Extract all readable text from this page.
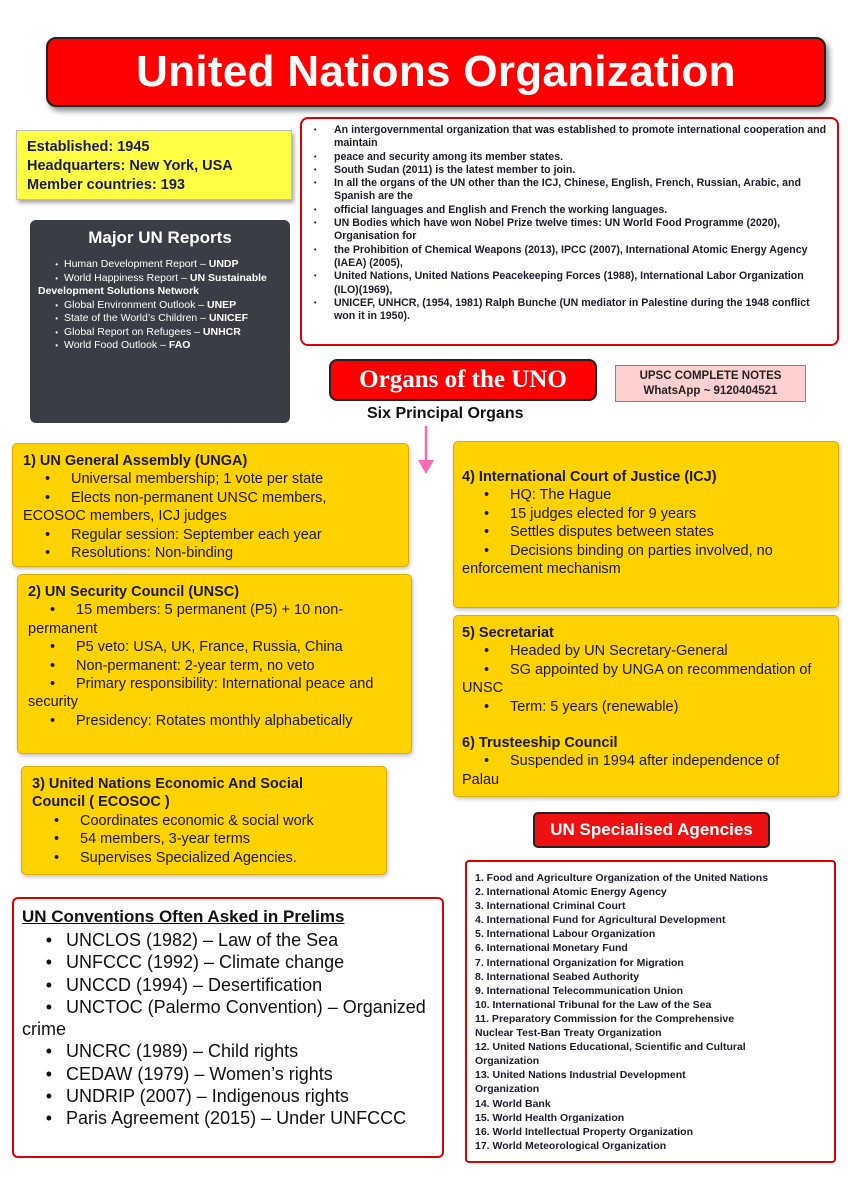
United Nations Organization
Established: 1945
Headquarters: New York, USA
Member countries: 193
Major UN Reports
• Human Development Report – UNDP
• World Happiness Report – UN Sustainable Development Solutions Network
• Global Environment Outlook – UNEP
• State of the World’s Children – UNICEF
• Global Report on Refugees – UNHCR
• World Food Outlook – FAO
•	An intergovernmental organization that was established to promote international cooperation and maintain
•	peace and security among its member states.
•	South Sudan (2011) is the latest member to join.
•	In all the organs of the UN other than the ICJ, Chinese, English, French, Russian, Arabic, and Spanish are the
•	official languages and English and French the working languages.
•	UN Bodies which have won Nobel Prize twelve times: UN World Food Programme (2020), Organisation for
•	the Prohibition of Chemical Weapons (2013), IPCC (2007), International Atomic Energy Agency (IAEA) (2005),
•	United Nations, United Nations Peacekeeping Forces (1988), International Labor Organization (ILO)(1969),
•	UNICEF, UNHCR, (1954, 1981) Ralph Bunche (UN mediator in Palestine during the 1948 conflict won it in 1950).
Organs of the UNO
Six Principal Organs
UPSC COMPLETE NOTES
WhatsApp ~ 9120404521
1) UN General Assembly (UNGA)
• Universal membership; 1 vote per state
• Elects non-permanent UNSC members,
ECOSOC members, ICJ judges
• Regular session: September each year
• Resolutions: Non-binding
2) UN Security Council (UNSC)
• 15 members: 5 permanent (P5) + 10 non-
permanent
• P5 veto: USA, UK, France, Russia, China
• Non-permanent: 2-year term, no veto
• Primary responsibility: International peace and
security
• Presidency: Rotates monthly alphabetically
3) United Nations Economic And Social
Council ( ECOSOC )
• Coordinates economic & social work
• 54 members, 3-year terms
• Supervises Specialized Agencies.
4) International Court of Justice (ICJ)
• HQ: The Hague
• 15 judges elected for 9 years
• Settles disputes between states
• Decisions binding on parties involved, no
enforcement mechanism
5) Secretariat
• Headed by UN Secretary-General
• SG appointed by UNGA on recommendation of
UNSC
• Term: 5 years (renewable)
6) Trusteeship Council
• Suspended in 1994 after independence of
Palau
UN Specialised Agencies
1. Food and Agriculture Organization of the United Nations
2. International Atomic Energy Agency
3. International Criminal Court
4. International Fund for Agricultural Development
5. International Labour Organization
6. International Monetary Fund
7. International Organization for Migration
8. International Seabed Authority
9. International Telecommunication Union
10. International Tribunal for the Law of the Sea
11. Preparatory Commission for the Comprehensive
Nuclear Test-Ban Treaty Organization
12. United Nations Educational, Scientific and Cultural
Organization
13. United Nations Industrial Development
Organization
14. World Bank
15. World Health Organization
16. World Intellectual Property Organization
17. World Meteorological Organization
UN Conventions Often Asked in Prelims
• UNCLOS (1982) – Law of the Sea
• UNFCCC (1992) – Climate change
• UNCCD (1994) – Desertification
• UNCTOC (Palermo Convention) – Organized
crime
• UNCRC (1989) – Child rights
• CEDAW (1979) – Women’s rights
• UNDRIP (2007) – Indigenous rights
• Paris Agreement (2015) – Under UNFCCC
